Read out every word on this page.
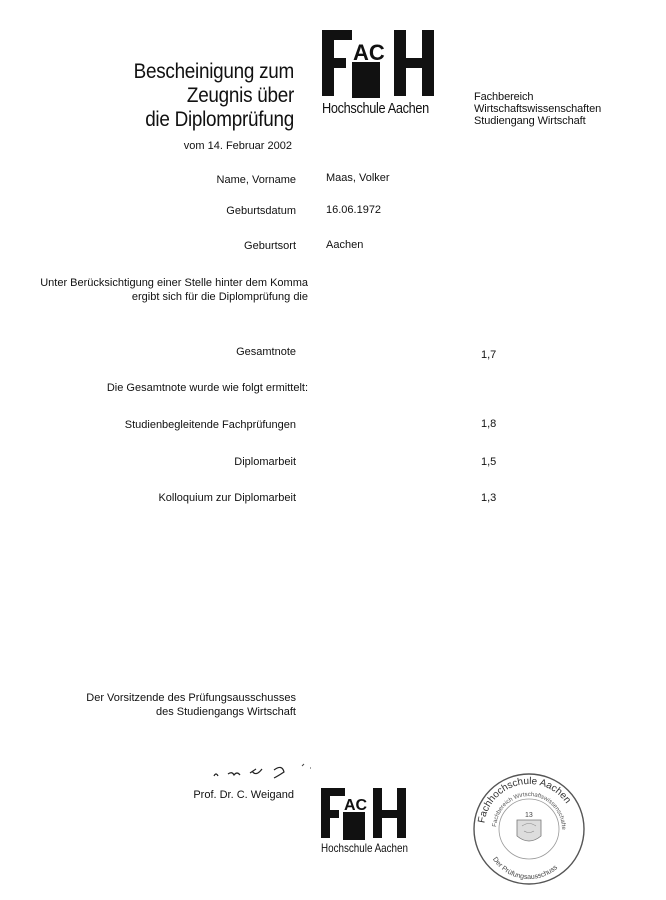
Bescheinigung zum
Zeugnis über
die Diplomprüfung
vom 14. Februar 2002
AC
Hochschule Aachen
Fachbereich
Wirtschaftswissenschaften
Studiengang Wirtschaft
Name, Vorname	Maas, Volker
Geburtsdatum	16.06.1972
Geburtsort	Aachen
Unter Berücksichtigung einer Stelle hinter dem Komma
ergibt sich für die Diplomprüfung die
Gesamtnote	1,7
Die Gesamtnote wurde wie folgt ermittelt:
Studienbegleitende Fachprüfungen	1,8
Diplomarbeit	1,5
Kolloquium zur Diplomarbeit	1,3
Der Vorsitzende des Prüfungsausschusses
des Studiengangs Wirtschaft
Prof. Dr. C. Weigand
AC
Hochschule Aachen
Fachhochschule Aachen
Fachbereich Wirtschaftswissenschafte
Der Prüfungsausschuss
13
